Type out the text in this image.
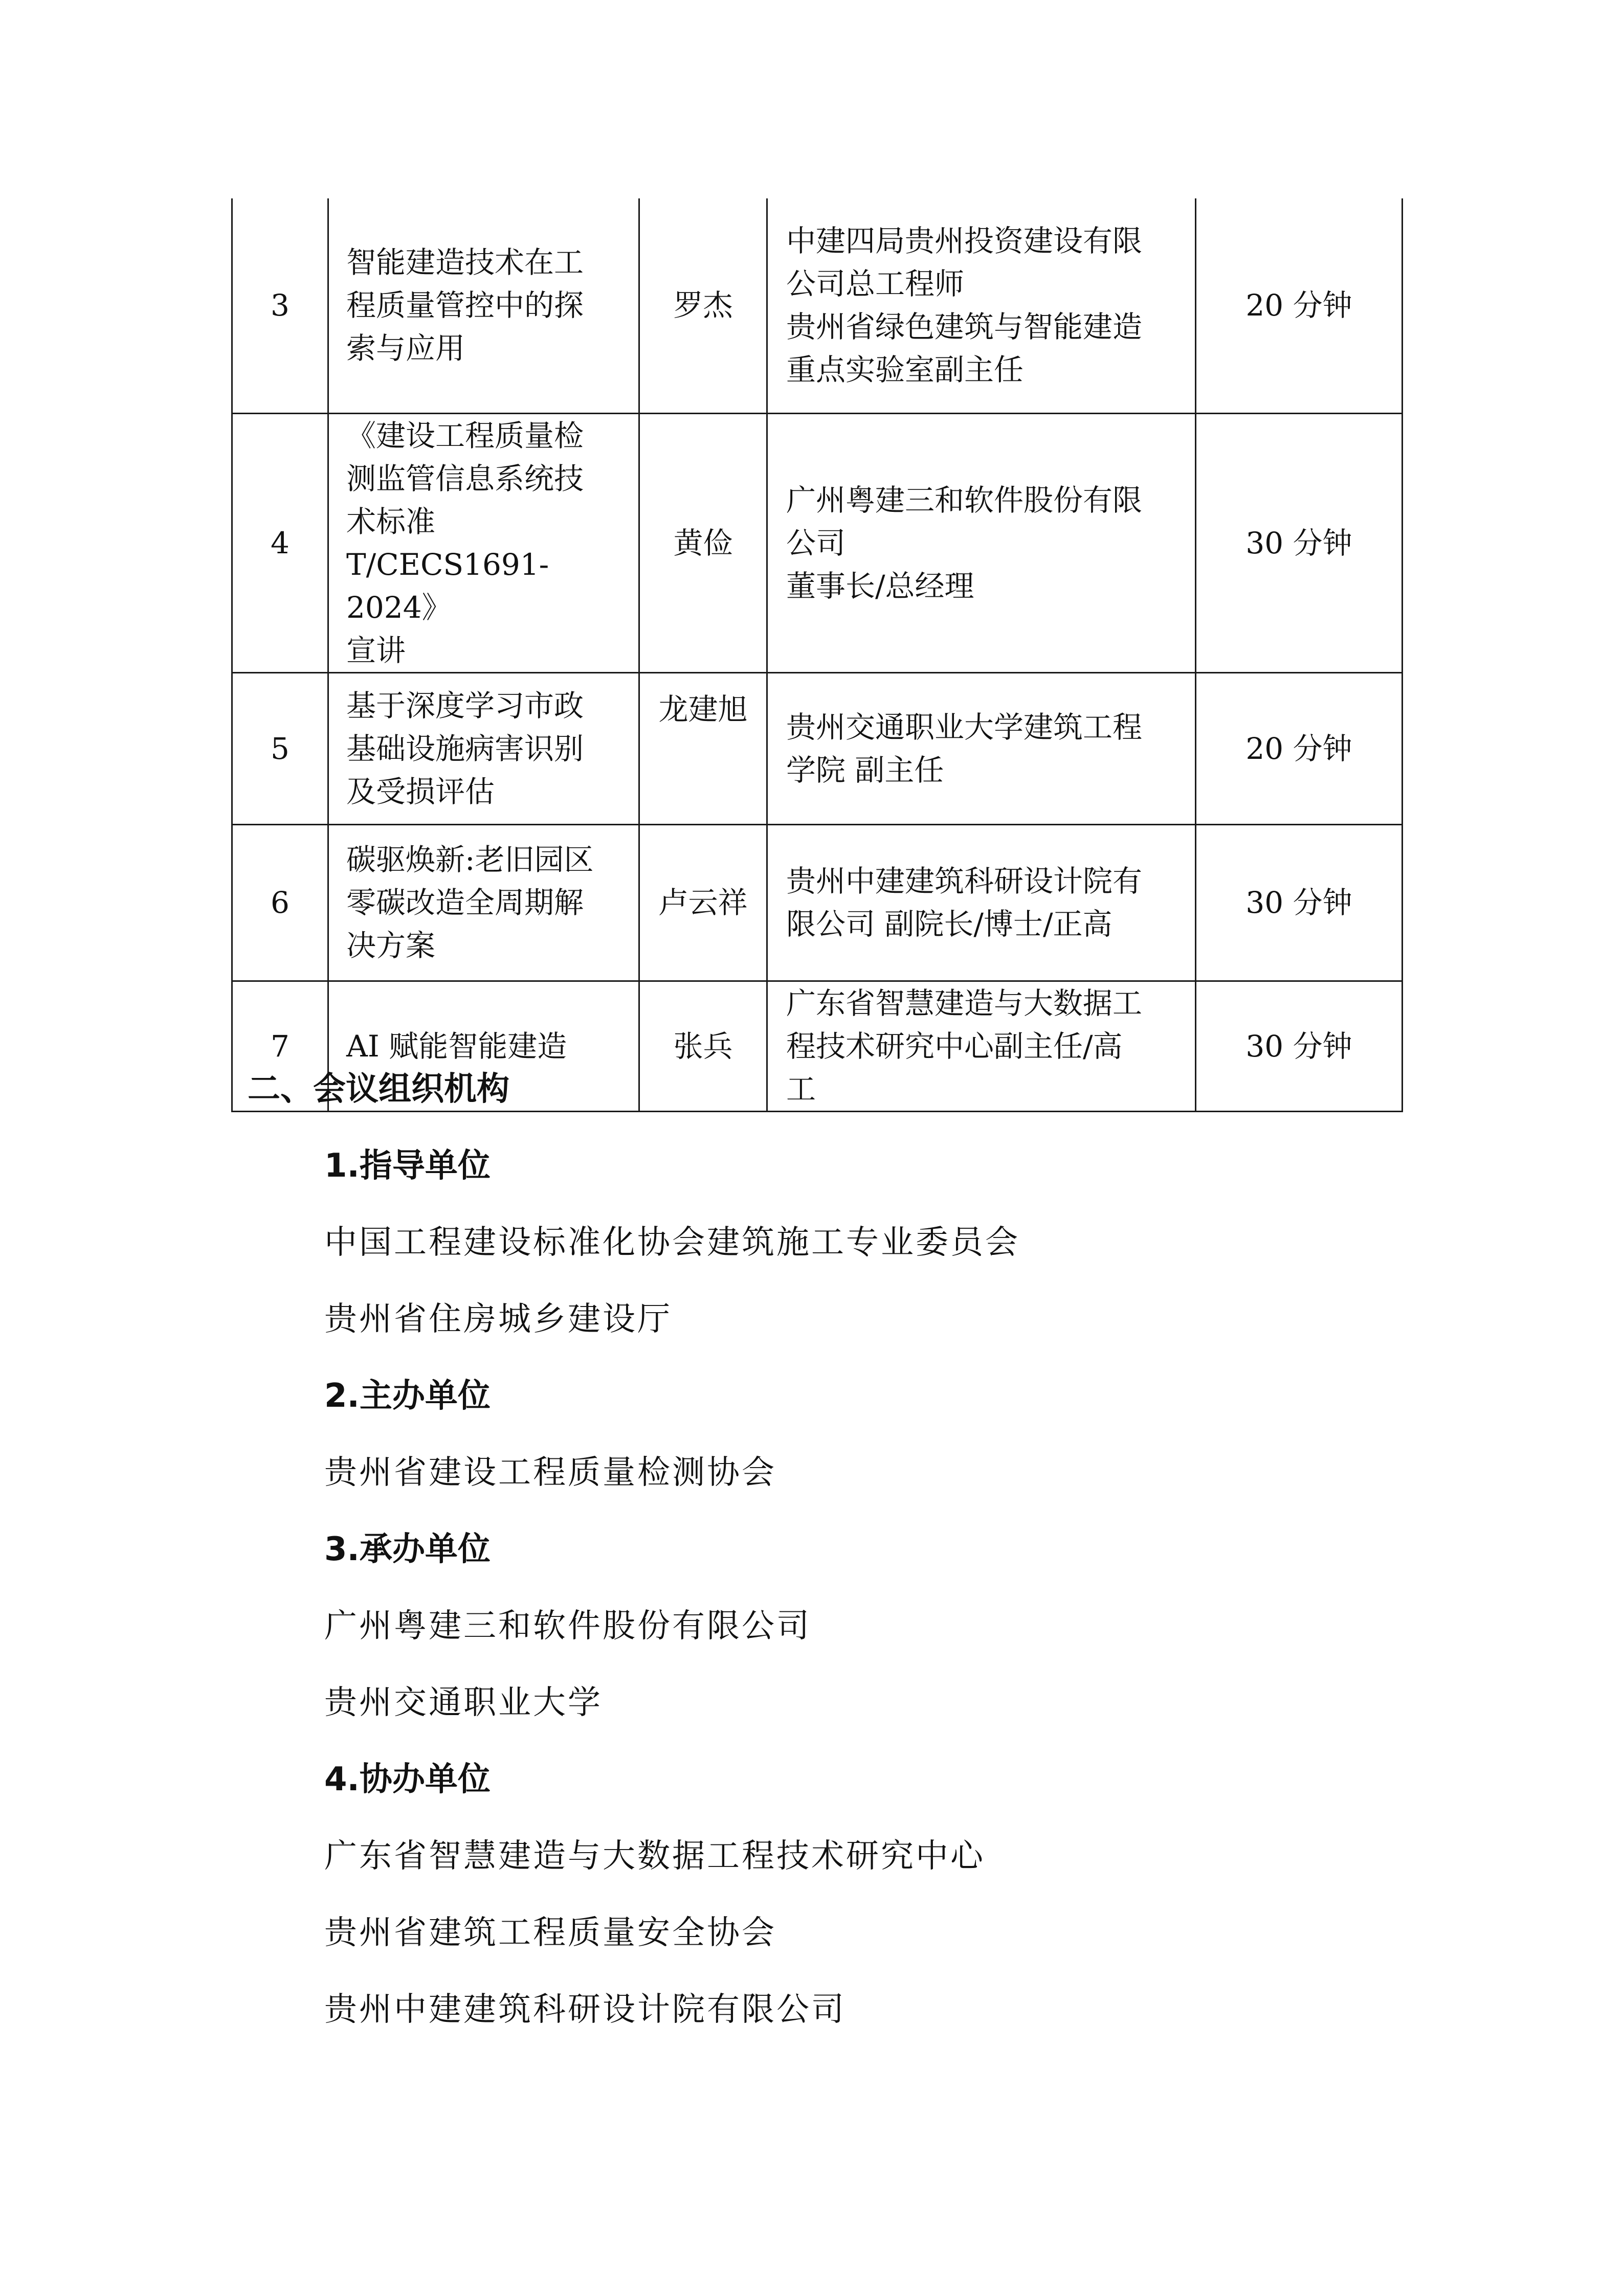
3	智能建造技术在工
程质量管控中的探
索与应用	罗杰	中建四局贵州投资建设有限
公司总工程师
贵州省绿色建筑与智能建造
重点实验室副主任	20 分钟
4	《建设工程质量检
测监管信息系统技
术标准
T/CECS1691-2024》
宣讲	黄俭	广州粤建三和软件股份有限
公司
董事长/总经理	30 分钟
5	基于深度学习市政
基础设施病害识别
及受损评估	龙建旭	贵州交通职业大学建筑工程
学院 副主任	20 分钟
6	碳驱焕新:老旧园区
零碳改造全周期解
决方案	卢云祥	贵州中建建筑科研设计院有
限公司 副院长/博士/正高	30 分钟
7	AI 赋能智能建造	张兵	广东省智慧建造与大数据工
程技术研究中心副主任/高
工	30 分钟
二、会议组织机构
1.指导单位
中国工程建设标准化协会建筑施工专业委员会
贵州省住房城乡建设厅
2.主办单位
贵州省建设工程质量检测协会
3.承办单位
广州粤建三和软件股份有限公司
贵州交通职业大学
4.协办单位
广东省智慧建造与大数据工程技术研究中心
贵州省建筑工程质量安全协会
贵州中建建筑科研设计院有限公司
